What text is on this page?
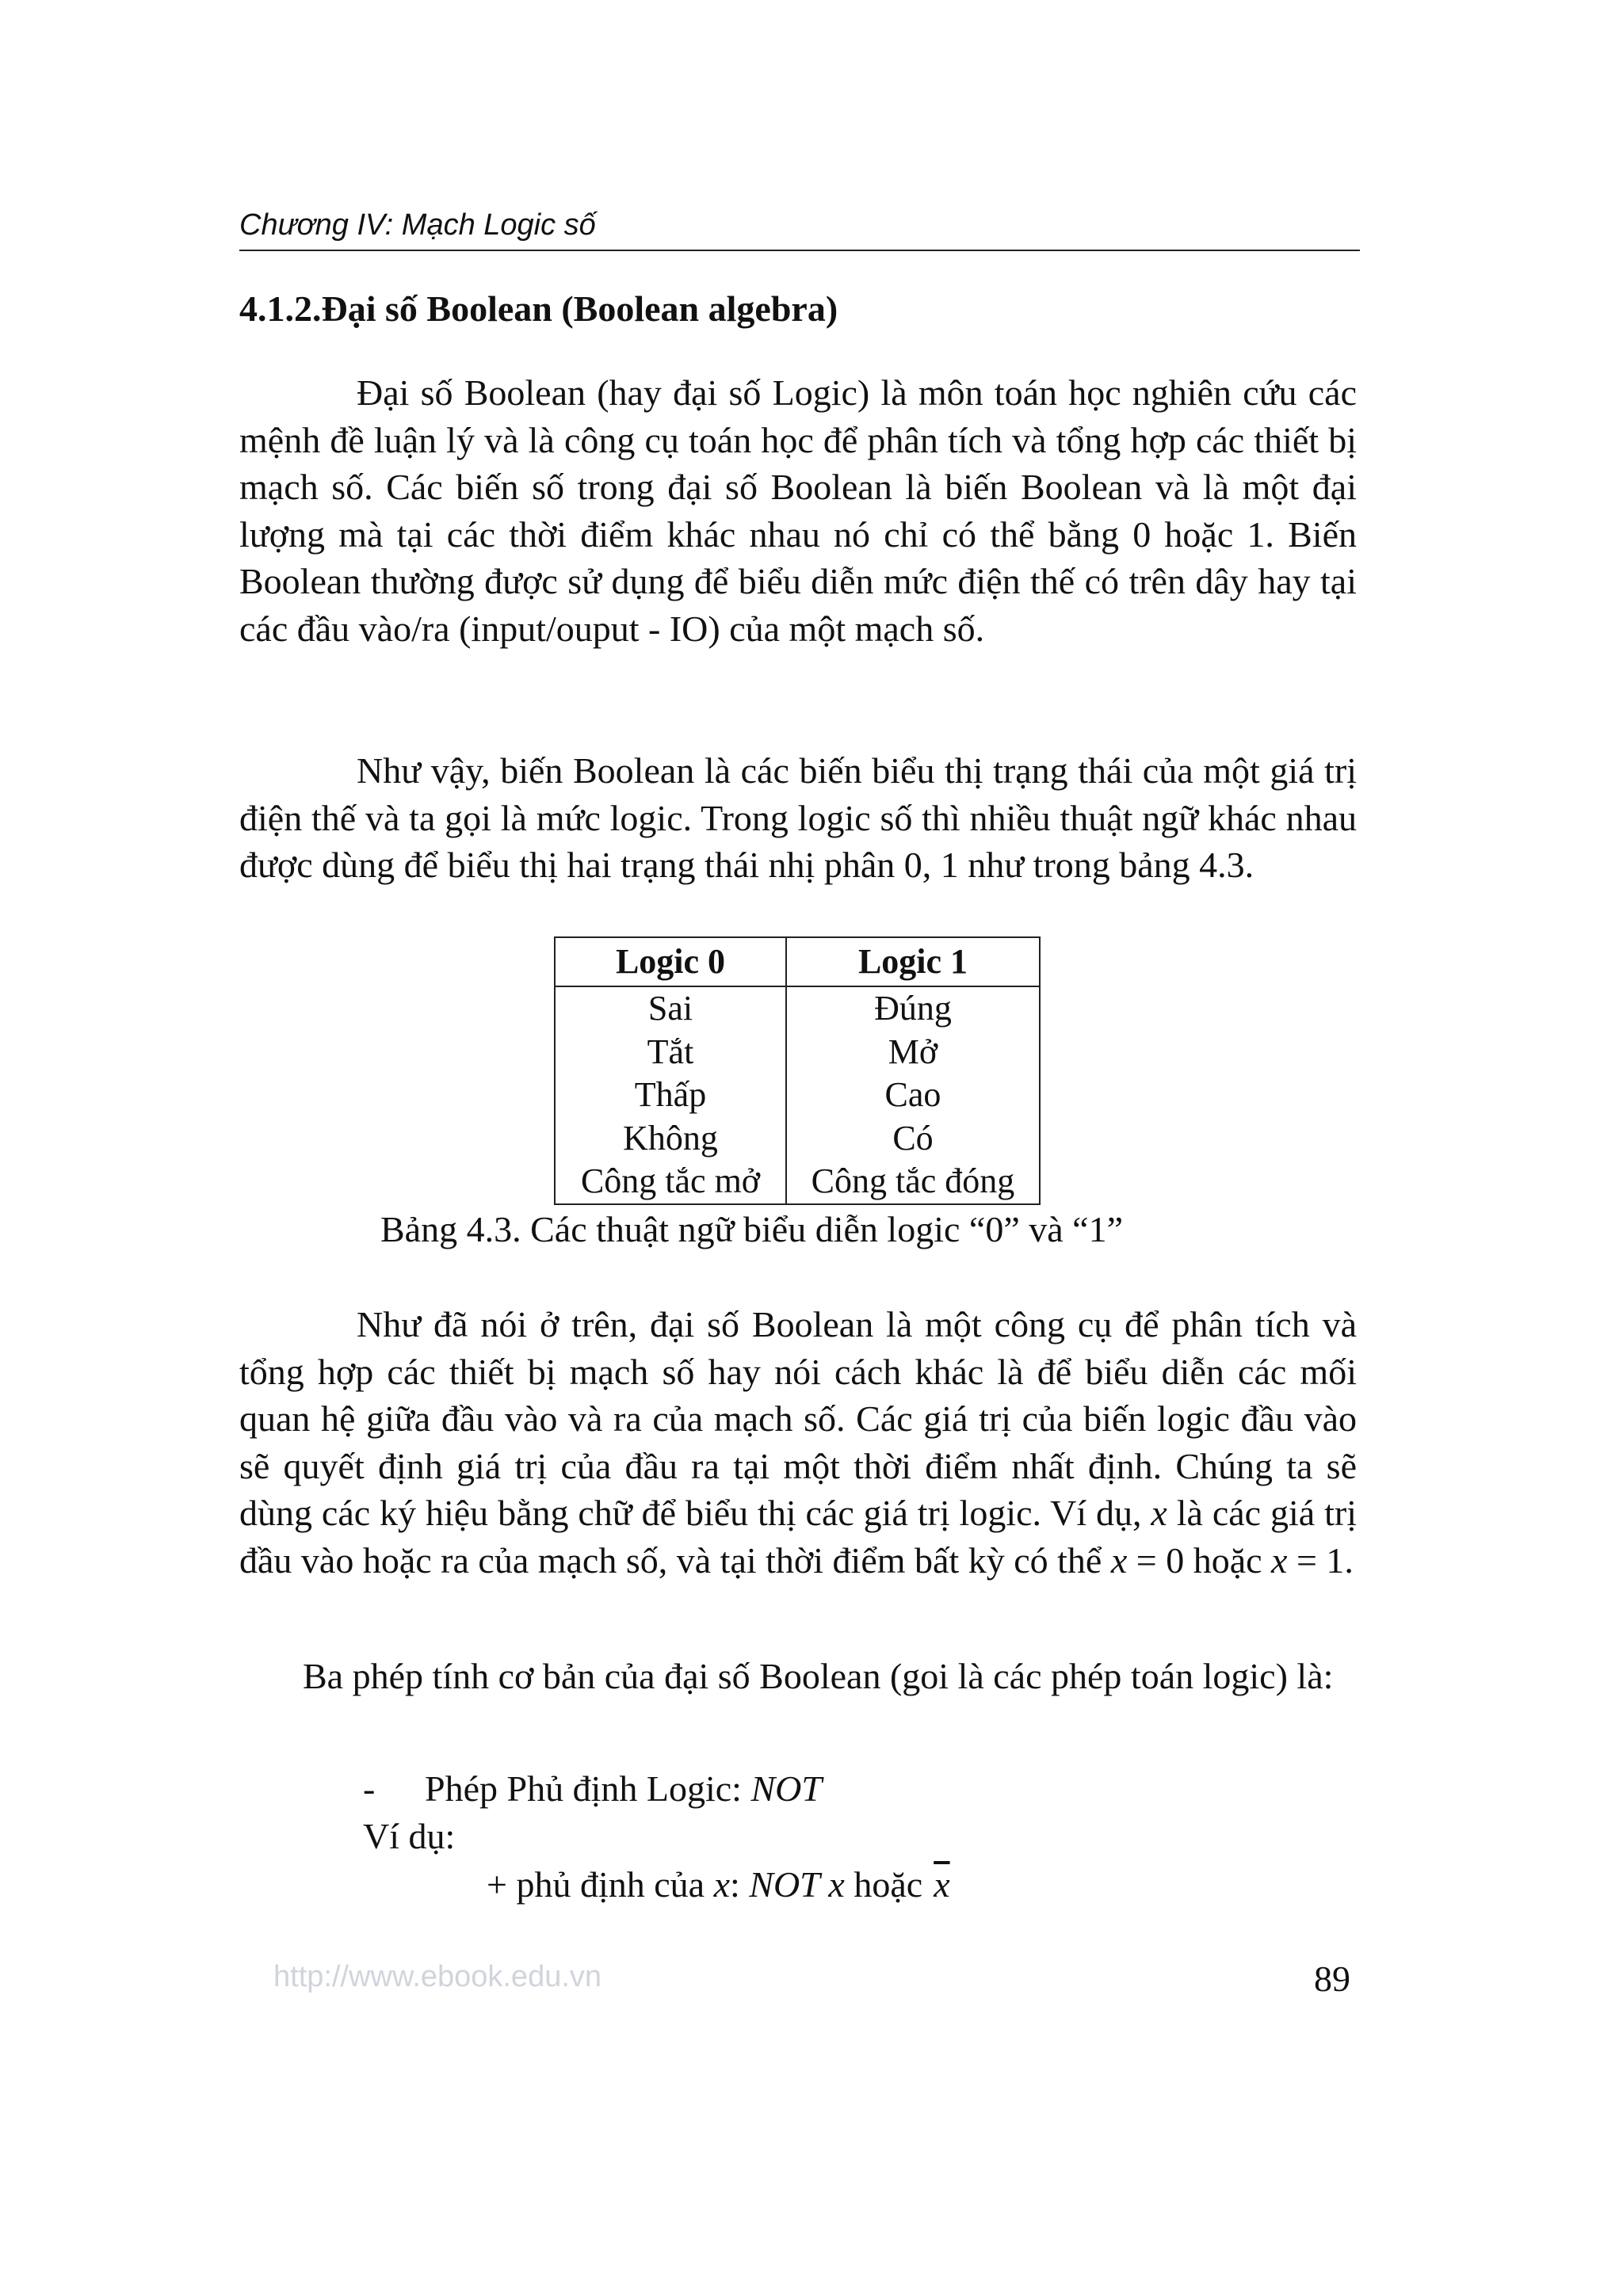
Chương IV: Mạch Logic số
4.1.2.Đại số Boolean (Boolean algebra)

Đại số Boolean (hay đại số Logic) là môn toán học nghiên cứu các mệnh đề luận lý và là công cụ toán học để phân tích và tổng hợp các thiết bị mạch số. Các biến số trong đại số Boolean là biến Boolean và là một đại lượng mà tại các thời điểm khác nhau nó chỉ có thể bằng 0 hoặc 1. Biến Boolean thường được sử dụng để biểu diễn mức điện thế có trên dây hay tại các đầu vào/ra (input/ouput - IO) của một mạch số.

Như vậy, biến Boolean là các biến biểu thị trạng thái của một giá trị điện thế và ta gọi là mức logic. Trong logic số thì nhiều thuật ngữ khác nhau được dùng để biểu thị hai trạng thái nhị phân 0, 1 như trong bảng 4.3.

Logic 0	Logic 1
Sai	Đúng
Tắt	Mở
Thấp	Cao
Không	Có
Công tắc mở	Công tắc đóng
Bảng 4.3. Các thuật ngữ biểu diễn logic “0” và “1”

Như đã nói ở trên, đại số Boolean là một công cụ để phân tích và tổng hợp các thiết bị mạch số hay nói cách khác là để biểu diễn các mối quan hệ giữa đầu vào và ra của mạch số. Các giá trị của biến logic đầu vào sẽ quyết định giá trị của đầu ra tại một thời điểm nhất định. Chúng ta sẽ dùng các ký hiệu bằng chữ để biểu thị các giá trị logic. Ví dụ, x là các giá trị đầu vào hoặc ra của mạch số, và tại thời điểm bất kỳ có thể x = 0 hoặc x = 1.

Ba phép tính cơ bản của đại số Boolean (goi là các phép toán logic) là:

- Phép Phủ định Logic: NOT
Ví dụ:
+ phủ định của x: NOT x hoặc $\overline{x}$
http://www.ebook.edu.vn	89
